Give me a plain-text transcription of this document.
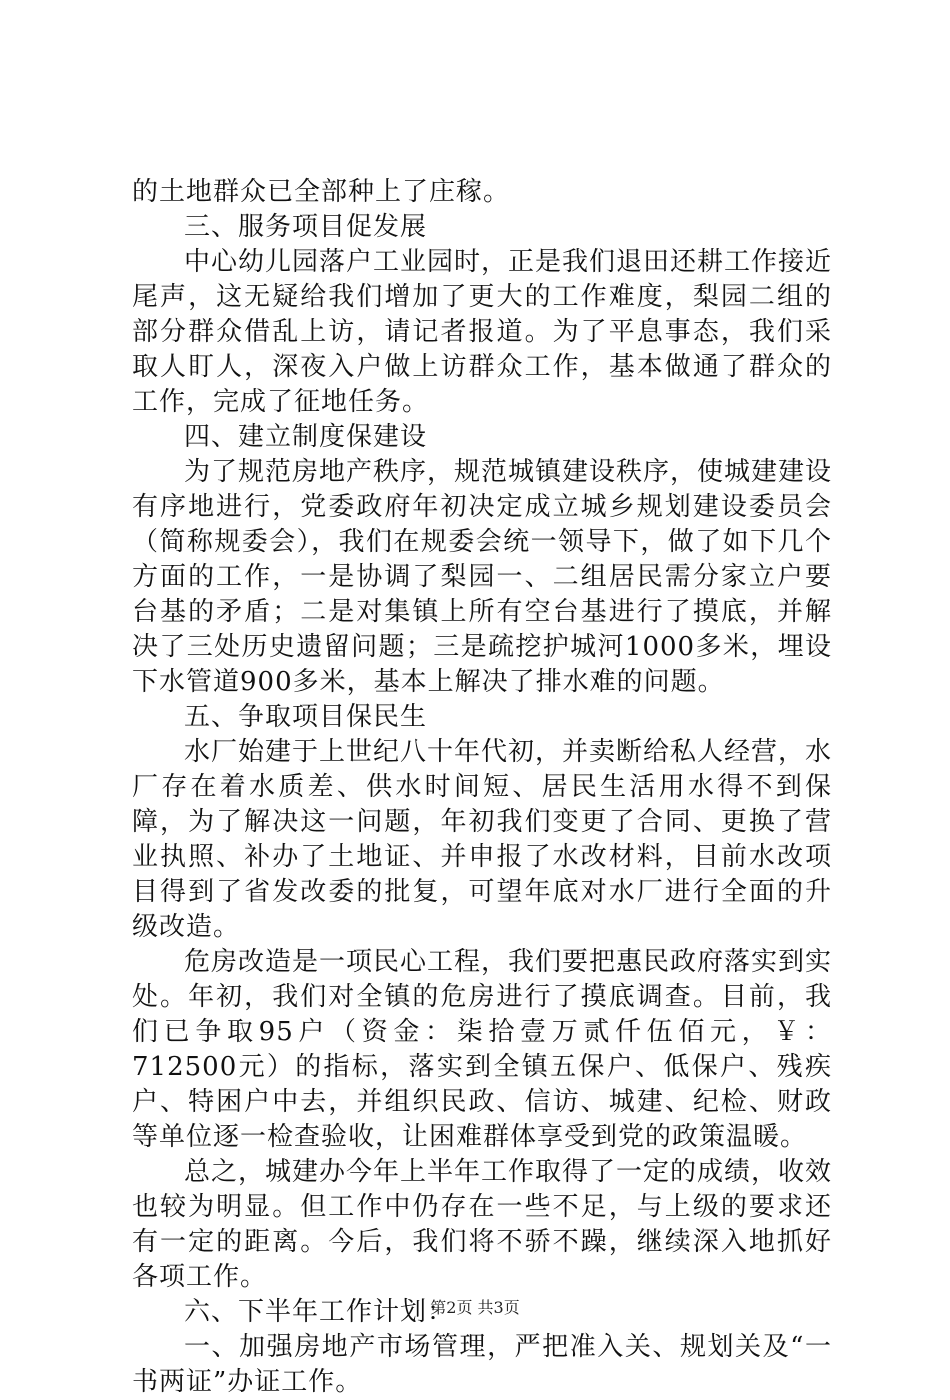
的土地群众已全部种上了庄稼。

三、服务项目促发展

中心幼儿园落户工业园时，正是我们退田还耕工作接近尾声，这无疑给我们增加了更大的工作难度，梨园二组的部分群众借乱上访，请记者报道。为了平息事态，我们采取人盯人，深夜入户做上访群众工作，基本做通了群众的工作，完成了征地任务。

四、建立制度保建设

为了规范房地产秩序，规范城镇建设秩序，使城建建设有序地进行，党委政府年初决定成立城乡规划建设委员会（简称规委会），我们在规委会统一领导下，做了如下几个方面的工作，一是协调了梨园一、二组居民需分家立户要台基的矛盾；二是对集镇上所有空台基进行了摸底，并解决了三处历史遗留问题；三是疏挖护城河1000多米，埋设下水管道900多米，基本上解决了排水难的问题。

五、争取项目保民生

水厂始建于上世纪八十年代初，并卖断给私人经营，水厂存在着水质差、供水时间短、居民生活用水得不到保障，为了解决这一问题，年初我们变更了合同、更换了营业执照、补办了土地证、并申报了水改材料，目前水改项目得到了省发改委的批复，可望年底对水厂进行全面的升级改造。

危房改造是一项民心工程，我们要把惠民政府落实到实处。年初，我们对全镇的危房进行了摸底调查。目前，我们已争取95户（资金：柒拾壹万贰仟伍佰元，￥：712500元）的指标，落实到全镇五保户、低保户、残疾户、特困户中去，并组织民政、信访、城建、纪检、财政等单位逐一检查验收，让困难群体享受到党的政策温暖。

总之，城建办今年上半年工作取得了一定的成绩，收效也较为明显。但工作中仍存在一些不足，与上级的要求还有一定的距离。今后，我们将不骄不躁，继续深入地抓好各项工作。

六、下半年工作计划：

一、加强房地产市场管理，严把准入关、规划关及“一书两证”办证工作。

第2页 共3页
